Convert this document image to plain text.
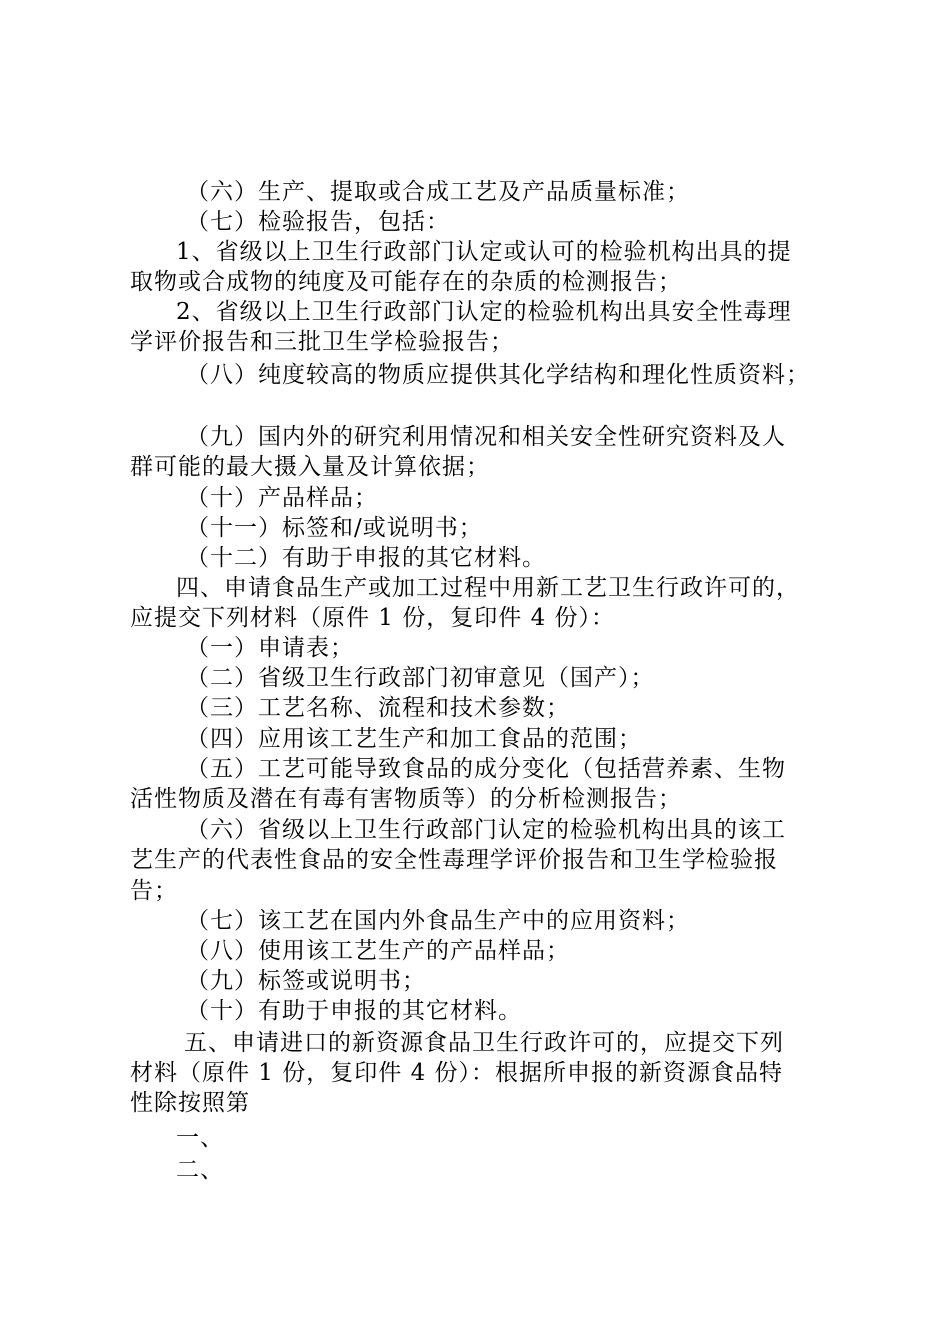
（六）生产、提取或合成工艺及产品质量标准；
（七）检验报告，包括：
1、省级以上卫生行政部门认定或认可的检验机构出具的提
取物或合成物的纯度及可能存在的杂质的检测报告；
2、省级以上卫生行政部门认定的检验机构出具安全性毒理
学评价报告和三批卫生学检验报告；
（八）纯度较高的物质应提供其化学结构和理化性质资料；
（九）国内外的研究利用情况和相关安全性研究资料及人
群可能的最大摄入量及计算依据；
（十）产品样品；
（十一）标签和/或说明书；
（十二）有助于申报的其它材料。
四、申请食品生产或加工过程中用新工艺卫生行政许可的，
应提交下列材料（原件 1 份，复印件 4 份）：
（一）申请表；
（二）省级卫生行政部门初审意见（国产）；
（三）工艺名称、流程和技术参数；
（四）应用该工艺生产和加工食品的范围；
（五）工艺可能导致食品的成分变化（包括营养素、生物
活性物质及潜在有毒有害物质等）的分析检测报告；
（六）省级以上卫生行政部门认定的检验机构出具的该工
艺生产的代表性食品的安全性毒理学评价报告和卫生学检验报
告；
（七）该工艺在国内外食品生产中的应用资料；
（八）使用该工艺生产的产品样品；
（九）标签或说明书；
（十）有助于申报的其它材料。
五、申请进口的新资源食品卫生行政许可的，应提交下列
材料（原件 1 份，复印件 4 份）：根据所申报的新资源食品特
性除按照第
一、
二、
